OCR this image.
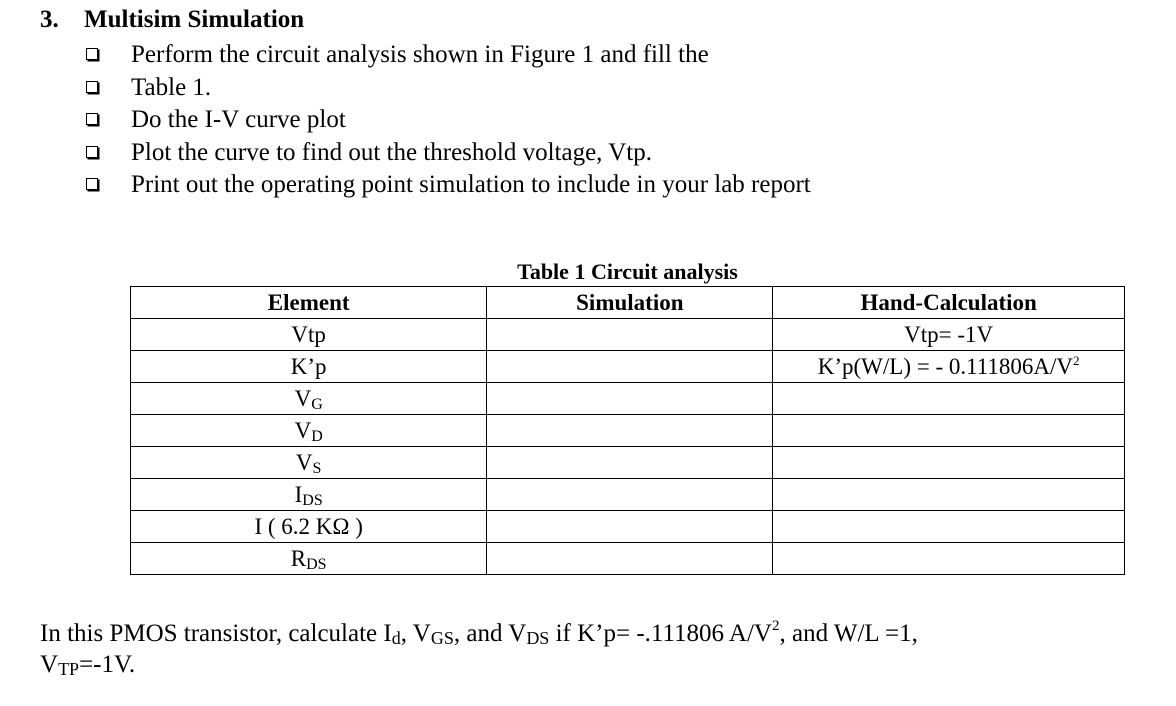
3. Multisim Simulation
Perform the circuit analysis shown in Figure 1 and fill the
Table 1.
Do the I-V curve plot
Plot the curve to find out the threshold voltage, Vtp.
Print out the operating point simulation to include in your lab report
Table 1 Circuit analysis
Element	Simulation	Hand-Calculation
Vtp		Vtp= -1V
K’p		K’p(W/L) = - $0.111806A/V^2$
$V_G$		
$V_D$		
$V_S$		
$I_{DS}$		
I ( 6.2 KΩ )		
$R_{DS}$		
In this PMOS transistor, calculate $I_d$, $V_{GS}$, and $V_{DS}$ if K’p= -.111806 $A/V^2$, and W/L =1,
$V_{TP}=-1V$.
